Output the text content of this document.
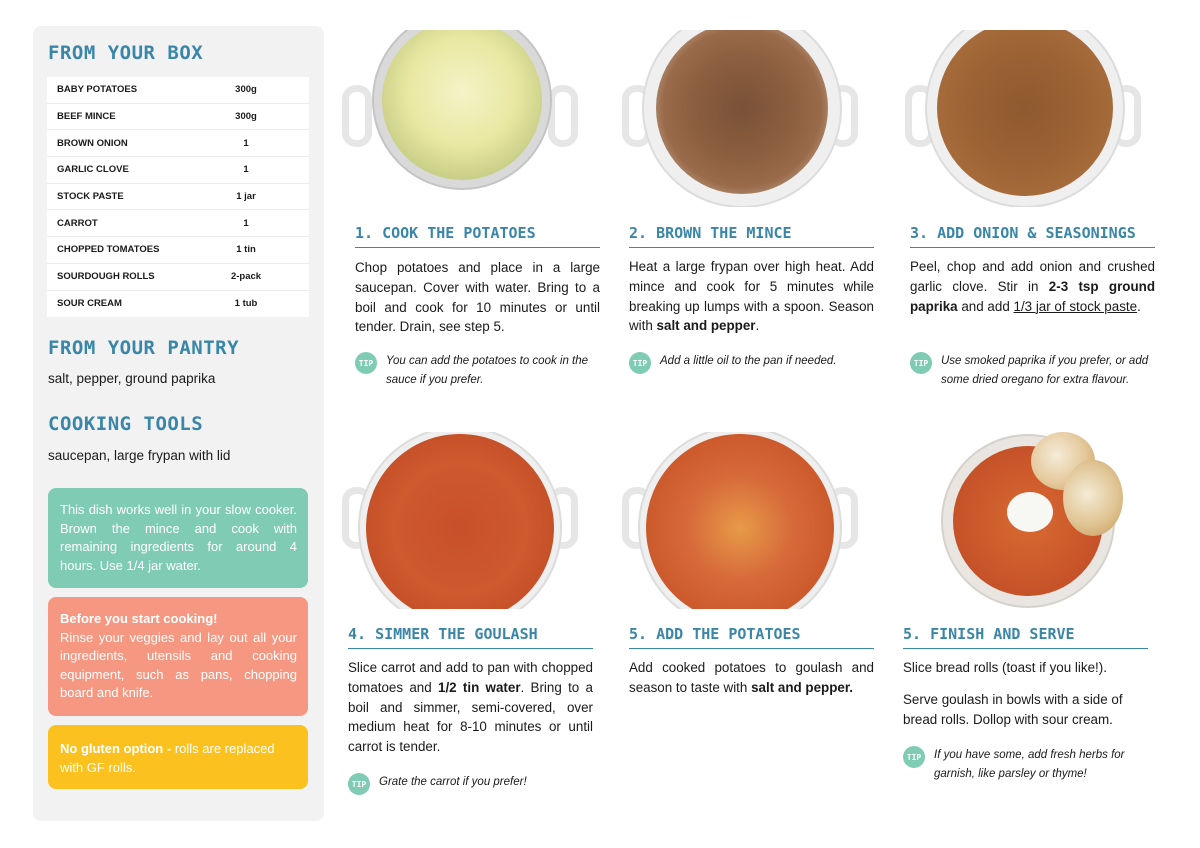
FROM YOUR BOX
BABY POTATOES	300g
BEEF MINCE	300g
BROWN ONION	1
GARLIC CLOVE	1
STOCK PASTE	1 jar
CARROT	1
CHOPPED TOMATOES	1 tin
SOURDOUGH ROLLS	2-pack
SOUR CREAM	1 tub
FROM YOUR PANTRY
salt, pepper, ground paprika
COOKING TOOLS
saucepan, large frypan with lid
This dish works well in your slow cooker. Brown the mince and cook with remaining ingredients for around 4 hours. Use 1/4 jar water.
Before you start cooking!
Rinse your veggies and lay out all your ingredients, utensils and cooking equipment, such as pans, chopping board and knife.
No gluten option - rolls are replaced with GF rolls.
1. COOK THE POTATOES
Chop potatoes and place in a large saucepan. Cover with water. Bring to a boil and cook for 10 minutes or until tender. Drain, see step 5.
TIP	You can add the potatoes to cook in the sauce if you prefer.
2. BROWN THE MINCE
Heat a large frypan over high heat. Add mince and cook for 5 minutes while breaking up lumps with a spoon. Season with salt and pepper.
TIP	Add a little oil to the pan if needed.
3. ADD ONION & SEASONINGS
Peel, chop and add onion and crushed garlic clove. Stir in 2-3 tsp ground paprika and add 1/3 jar of stock paste.
TIP	Use smoked paprika if you prefer, or add some dried oregano for extra flavour.
4. SIMMER THE GOULASH
Slice carrot and add to pan with chopped tomatoes and 1/2 tin water. Bring to a boil and simmer, semi-covered, over medium heat for 8-10 minutes or until carrot is tender.
TIP	Grate the carrot if you prefer!
5. ADD THE POTATOES
Add cooked potatoes to goulash and season to taste with salt and pepper.
5. FINISH AND SERVE
Slice bread rolls (toast if you like!).
Serve goulash in bowls with a side of bread rolls. Dollop with sour cream.
TIP	If you have some, add fresh herbs for garnish, like parsley or thyme!
